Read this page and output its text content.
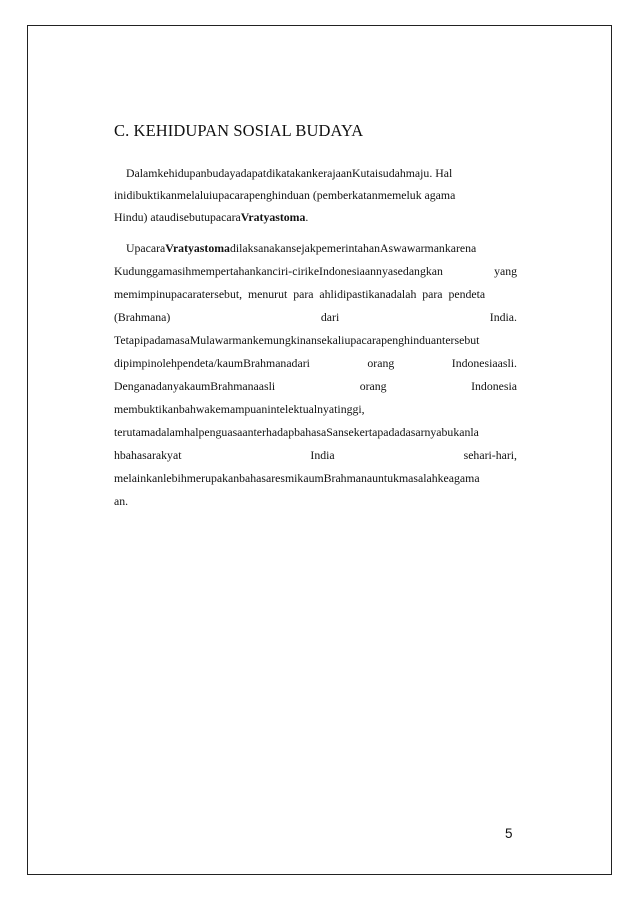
C. KEHIDUPAN SOSIAL BUDAYA
DalamkehidupanbudayadapatdikatakankerajaanKutaisudahmaju. Hal
inidibuktikanmelaluiupacarapenghinduan (pemberkatanmemeluk agama
Hindu) ataudisebutupacaraVratyastoma.
UpacaraVratyastomadilaksanakansejakpemerintahanAswawarmankarena
Kudunggamasihmempertahankanciri-cirikeIndonesiaannyasedangkan	yang
memimpinupacaratersebut,  menurut  para  ahlidipastikanadalah  para  pendeta
(Brahmana)	dari	India.
TetapipadamasaMulawarmankemungkinansekaliupacarapenghinduantersebut
dipimpinolehpendeta/kaumBrahmanadari	orang	Indonesiaasli.
DenganadanyakaumBrahmanaasli	orang	Indonesia
membuktikanbahwakemampuanintelektualnyatinggi,
terutamadalamhalpenguasaanterhadapbahasaSansekertapadadasarnyabukanla
hbahasarakyat	India	sehari-hari,
melainkanlebihmerupakanbahasaresmikaumBrahmanauntukmasalahkeagama
an.
5
